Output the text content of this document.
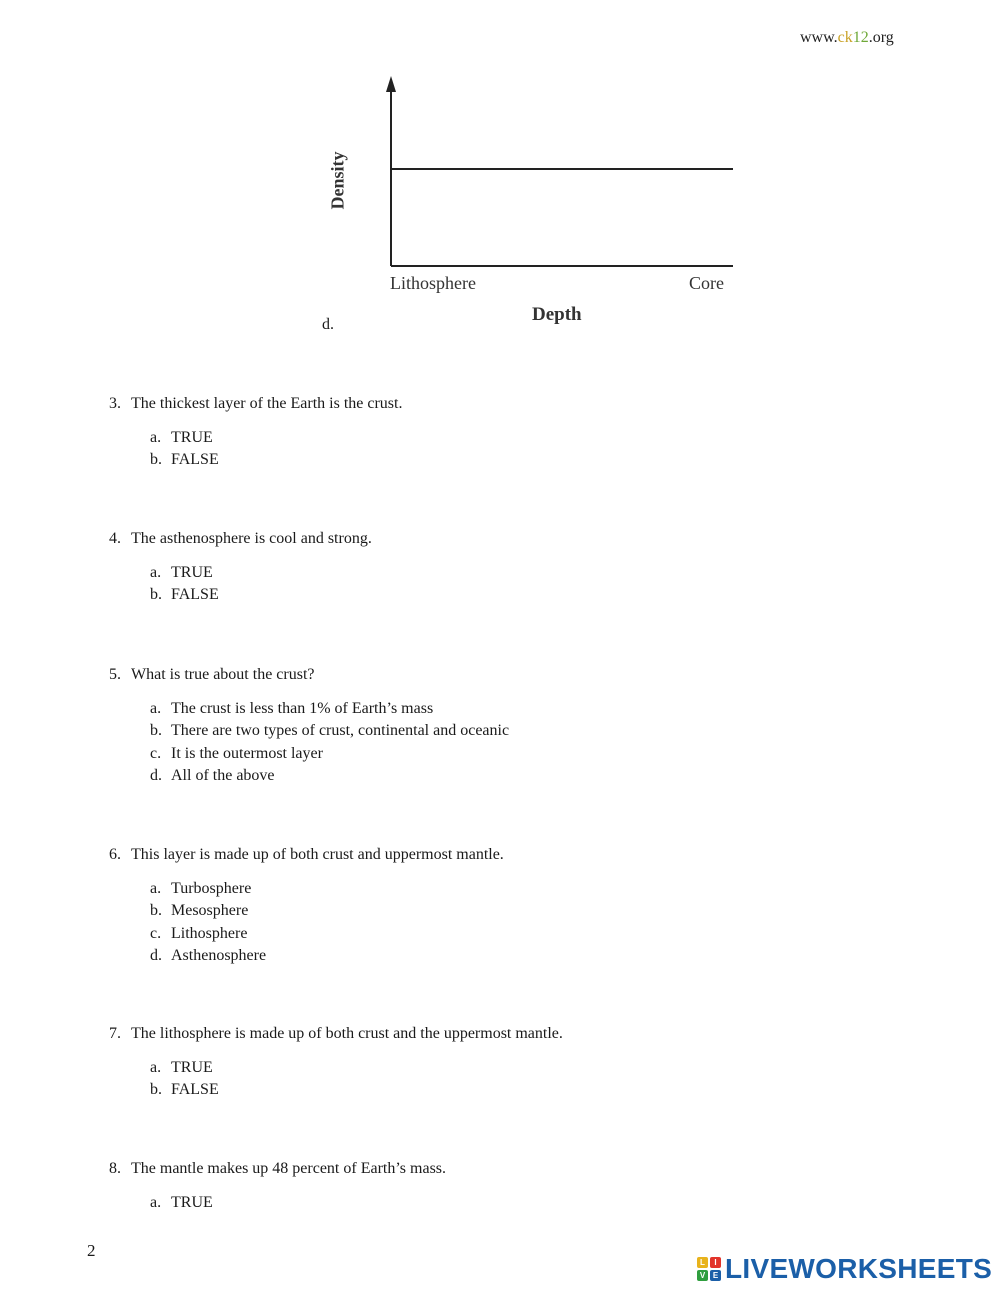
www.ck12.org
Density
Lithosphere	Core
Depth
d.
3. The thickest layer of the Earth is the crust.
a. TRUE
b. FALSE
4. The asthenosphere is cool and strong.
a. TRUE
b. FALSE
5. What is true about the crust?
a. The crust is less than 1% of Earth’s mass
b. There are two types of crust, continental and oceanic
c. It is the outermost layer
d. All of the above
6. This layer is made up of both crust and uppermost mantle.
a. Turbosphere
b. Mesosphere
c. Lithosphere
d. Asthenosphere
7. The lithosphere is made up of both crust and the uppermost mantle.
a. TRUE
b. FALSE
8. The mantle makes up 48 percent of Earth’s mass.
a. TRUE
2
L	I
V E LIVEWORKSHEETS
